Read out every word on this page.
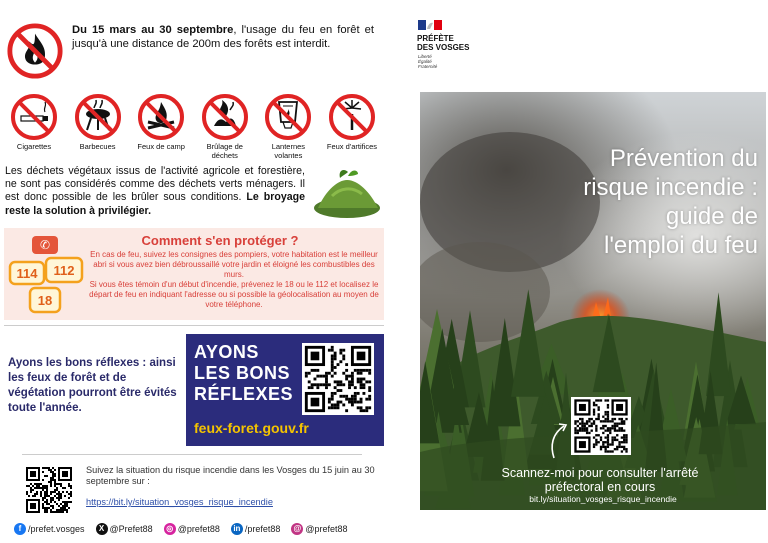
Du 15 mars au 30 septembre, l'usage du feu en forêt et jusqu'à une distance de 200m des forêts est interdit.
Cigarettes	Barbecues	Feux de camp	Brûlage de déchets
Lanternes volantes
Feux d'artifices
Les déchets végétaux issus de l'activité agricole et forestière, ne sont pas considérés comme des déchets verts ménagers. Il est donc possible de les brûler sous conditions. Le broyage reste la solution à privilégier.
✆
114 112
18
Comment s'en protéger ?
En cas de feu, suivez les consignes des pompiers, votre habitation est le meilleur abri si vous avez bien débroussaillé votre jardin et éloigné les combustibles des murs.
Si vous êtes témoin d'un début d'incendie, prévenez le 18 ou le 112 et localisez le départ de feu en indiquant l'adresse ou si possible la géolocalisation au moyen de votre téléphone.
Ayons les bons réflexes : ainsi les feux de forêt et de végétation pourront être évités toute l'année.
AYONS
LES BONS
RÉFLEXES
feux-foret.gouv.fr
Suivez la situation du risque incendie dans les Vosges du 15 juin au 30 septembre sur :
https://bit.ly/situation_vosges_risque_incendie
f /prefet.vosges	X @Prefet88	◎ @prefet88	in /prefet88 @ @prefet88
PRÉFÈTE
DES VOSGES
Liberté
Égalité
Fraternité
Prévention du
risque incendie :
guide de
l'emploi du feu
Scannez-moi pour consulter l'arrêté préfectoral en cours
bit.ly/situation_vosges_risque_incendie
